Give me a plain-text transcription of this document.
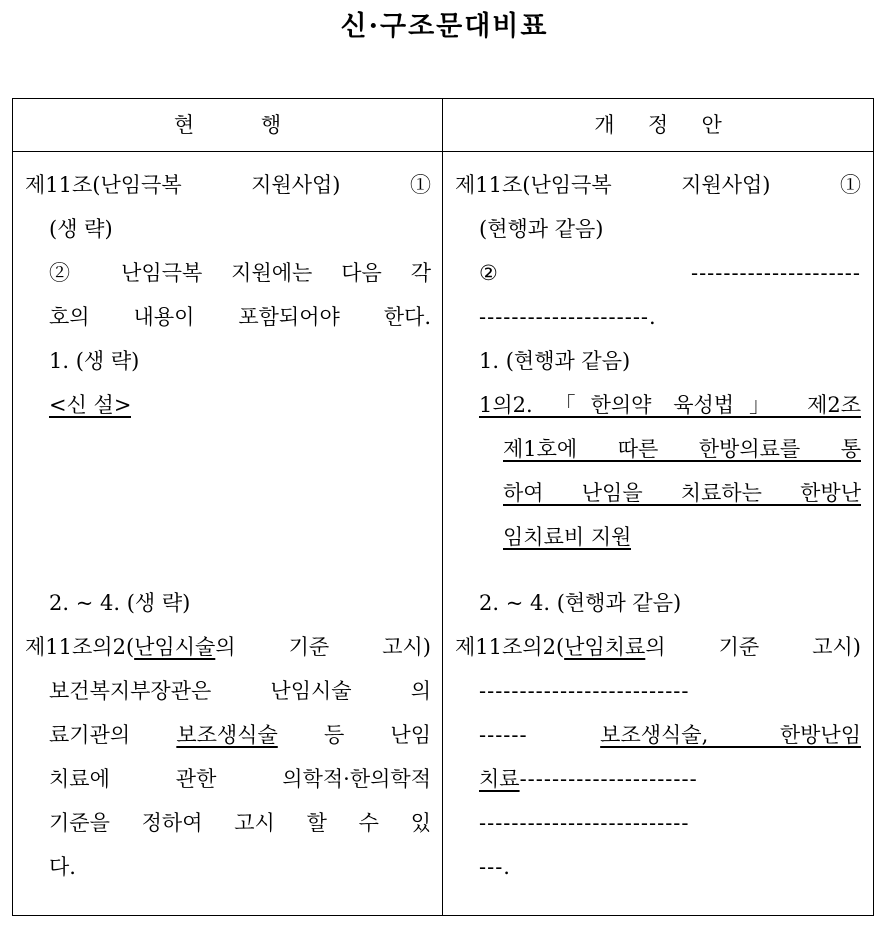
신·구조문대비표
현          행	개     정     안
제11조(난임극복 지원사업) ①
(생 략)
② 난임극복 지원에는 다음 각
호의 내용이 포함되어야 한다.
1. (생 략)
<신 설>
2. ~ 4. (생 략)
제11조의2(난임시술의 기준 고시)
보건복지부장관은 난임시술 의
료기관의 보조생식술 등 난임
치료에 관한 의학적·한의학적
기준을 정하여 고시 할 수 있
다.
제11조(난임극복 지원사업) ①
(현행과 같음)
② ---------------------
---------------------.
1. (현행과 같음)
1의2. 「한의약 육성법」 제2조
제1호에 따른 한방의료를 통
하여 난임을 치료하는 한방난
임치료비 지원
2. ~ 4. (현행과 같음)
제11조의2(난임치료의 기준 고시)
--------------------------
------ 보조생식술, 한방난임
치료----------------------
--------------------------
---.
